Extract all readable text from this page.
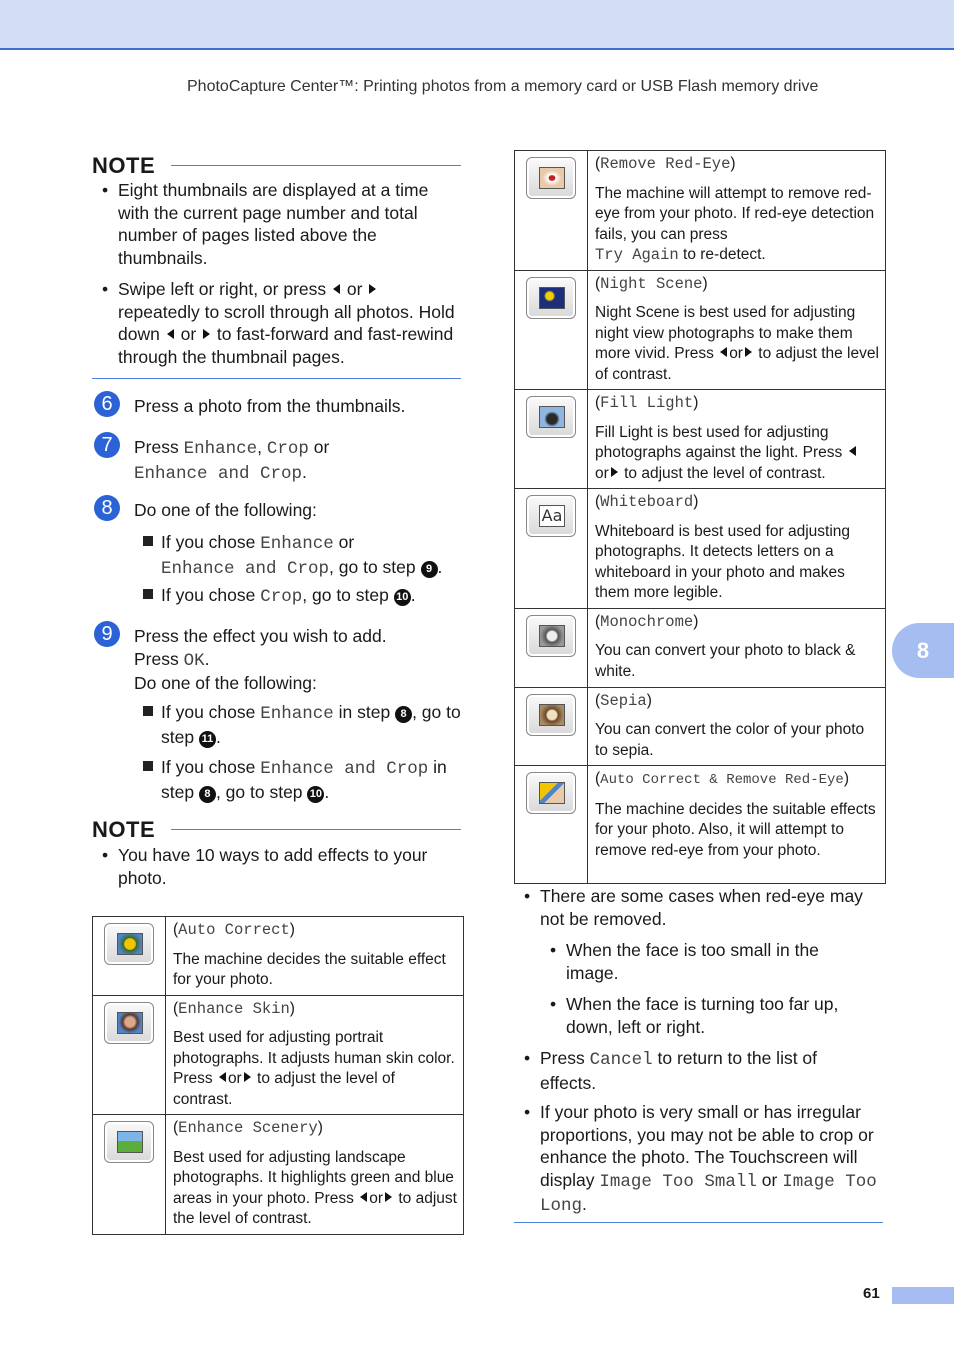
PhotoCapture Center™: Printing photos from a memory card or USB Flash memory drive
NOTE
• Eight thumbnails are displayed at a time with the current page number and total number of pages listed above the thumbnails.
• Swipe left or right, or press or  repeatedly to scroll through all photos. Hold down or to fast-forward and fast-rewind through the thumbnail pages.
6	Press a photo from the thumbnails.
7	Press Enhance, Crop or
Enhance and Crop.
8	Do one of the following:
If you chose Enhance or
Enhance and Crop, go to step 9 .
If you chose Crop, go to step 10 .
9	Press the effect you wish to add.
Press OK.
Do one of the following:
If you chose Enhance in step 8 , go to step 11 .
If you chose Enhance and Crop in step 8 , go to step 10 .
NOTE
• You have 10 ways to add effects to your photo.

	(Auto Correct)
The machine decides the suitable effect for your photo.

	(Enhance Skin)
Best used for adjusting portrait photographs. It adjusts human skin color. Press or to adjust the level of contrast.

	(Enhance Scenery)
Best used for adjusting landscape photographs. It highlights green and blue areas in your photo. Press or to adjust the level of contrast.

	(Remove Red-Eye)
The machine will attempt to remove red-eye from your photo. If red-eye detection fails, you can press
Try Again to re-detect.

	(Night Scene)
Night Scene is best used for adjusting night view photographs to make them more vivid. Press or to adjust the level of contrast.

	(Fill Light)
Fill Light is best used for adjusting photographs against the light. Press
or to adjust the level of contrast.

Aa	(Whiteboard)
Whiteboard is best used for adjusting photographs. It detects letters on a whiteboard in your photo and makes them more legible.

	(Monochrome)
You can convert your photo to black & white.

	(Sepia)
You can convert the color of your photo to sepia.

	(Auto Correct & Remove Red-Eye)
The machine decides the suitable effects for your photo. Also, it will attempt to remove red-eye from your photo.
• There are some cases when red-eye may not be removed.
• When the face is too small in the image.
• When the face is turning too far up, down, left or right.
• Press Cancel to return to the list of effects.
• If your photo is very small or has irregular proportions, you may not be able to crop or enhance the photo. The Touchscreen will display Image Too Small or Image Too Long.
8
61
